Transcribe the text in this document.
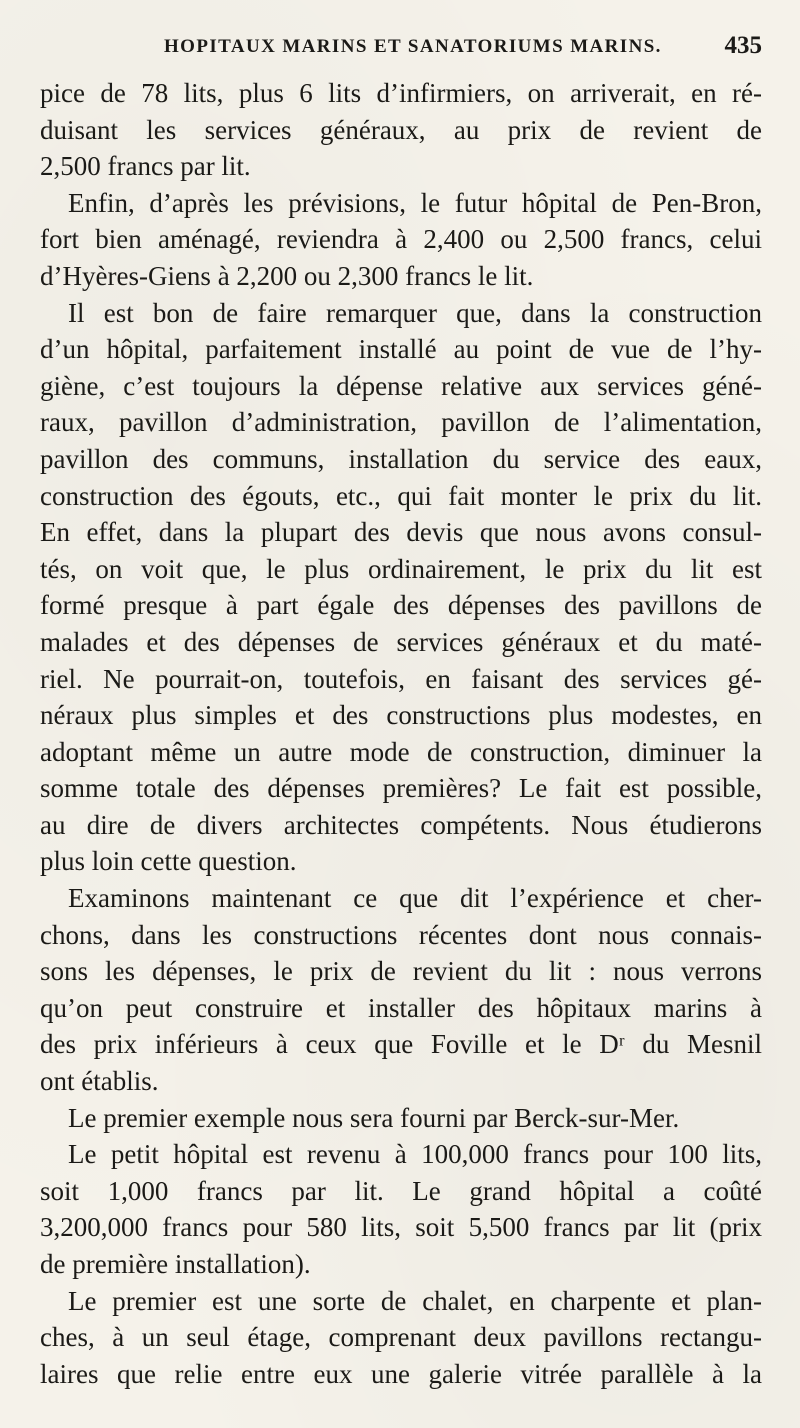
HOPITAUX MARINS ET SANATORIUMS MARINS.	435
pice de 78 lits, plus 6 lits d’infirmiers, on arriverait, en ré-
duisant les services généraux, au prix de revient de
2,500 francs par lit.
Enfin, d’après les prévisions, le futur hôpital de Pen-Bron,
fort bien aménagé, reviendra à 2,400 ou 2,500 francs, celui
d’Hyères-Giens à 2,200 ou 2,300 francs le lit.
Il est bon de faire remarquer que, dans la construction
d’un hôpital, parfaitement installé au point de vue de l’hy-
giène, c’est toujours la dépense relative aux services géné-
raux, pavillon d’administration, pavillon de l’alimentation,
pavillon des communs, installation du service des eaux,
construction des égouts, etc., qui fait monter le prix du lit.
En effet, dans la plupart des devis que nous avons consul-
tés, on voit que, le plus ordinairement, le prix du lit est
formé presque à part égale des dépenses des pavillons de
malades et des dépenses de services généraux et du maté-
riel. Ne pourrait-on, toutefois, en faisant des services gé-
néraux plus simples et des constructions plus modestes, en
adoptant même un autre mode de construction, diminuer la
somme totale des dépenses premières? Le fait est possible,
au dire de divers architectes compétents. Nous étudierons
plus loin cette question.
Examinons maintenant ce que dit l’expérience et cher-
chons, dans les constructions récentes dont nous connais-
sons les dépenses, le prix de revient du lit : nous verrons
qu’on peut construire et installer des hôpitaux marins à
des prix inférieurs à ceux que Foville et le Dʳ du Mesnil
ont établis.
Le premier exemple nous sera fourni par Berck-sur-Mer.
Le petit hôpital est revenu à 100,000 francs pour 100 lits,
soit 1,000 francs par lit. Le grand hôpital a coûté
3,200,000 francs pour 580 lits, soit 5,500 francs par lit (prix
de première installation).
Le premier est une sorte de chalet, en charpente et plan-
ches, à un seul étage, comprenant deux pavillons rectangu-
laires que relie entre eux une galerie vitrée parallèle à la
